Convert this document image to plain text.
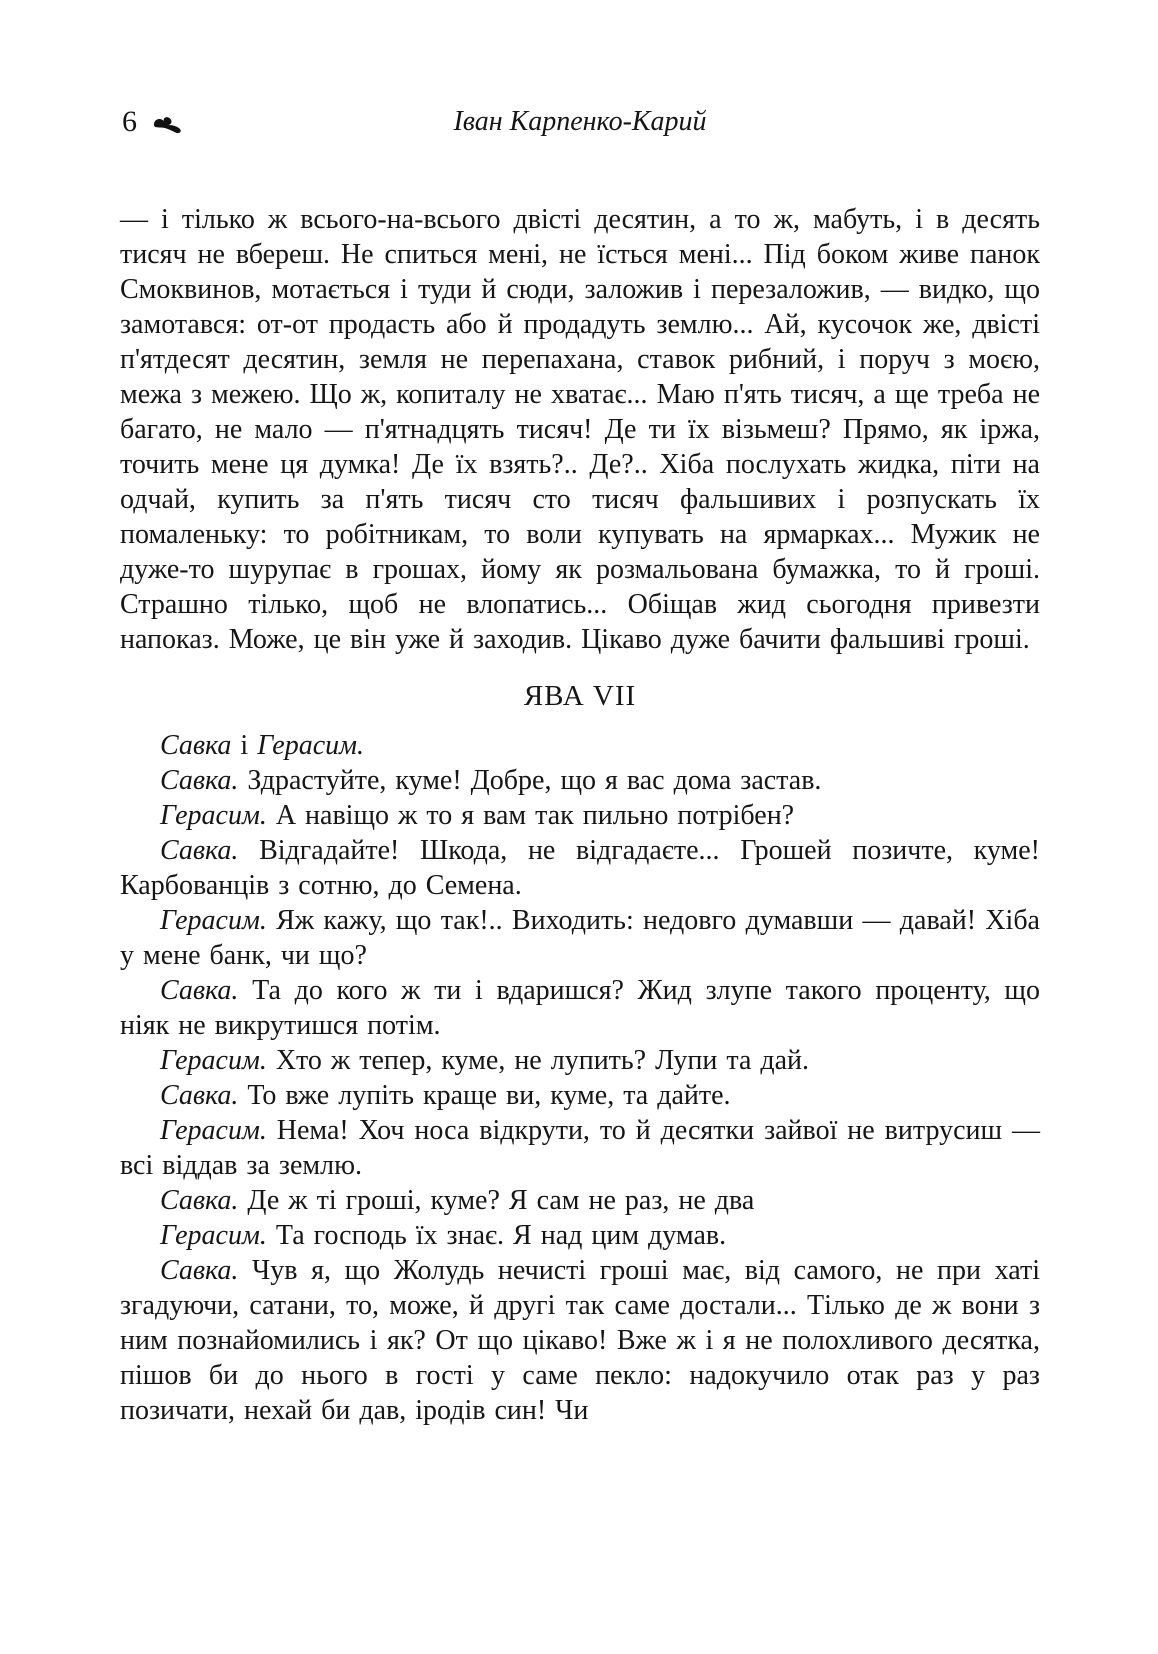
6	Іван Карпенко-Карий

— і тілько ж всього-на-всього двісті десятин, а то ж, мабуть, і в десять тисяч не вбереш. Не спиться мені, не їсться мені... Під боком живе панок Смоквинов, мотається і туди й сюди, заложив і перезаложив, — видко, що замотався: от-от продасть або й продадуть землю... Ай, кусочок же, двісті п'ятдесят десятин, земля не перепахана, ставок рибний, і поруч з моєю, межа з межею. Що ж, копиталу не хватає... Маю п'ять тисяч, а ще треба не багато, не мало — п'ятнадцять тисяч! Де ти їх візьмеш? Прямо, як іржа, точить мене ця думка! Де їх взять?.. Де?.. Хіба послухать жидка, піти на одчай, купить за п'ять тисяч сто тисяч фальшивих і розпускать їх помаленьку: то робітникам, то воли купувать на ярмарках... Мужик не дуже-то шурупає в грошах, йому як розмальована бумажка, то й гроші. Страшно тілько, щоб не влопатись... Обіщав жид сьогодня привезти напоказ. Може, це він уже й заходив. Цікаво дуже бачити фальшиві гроші.

ЯВА VII

Савка і Герасим.

Савка. Здрастуйте, куме! Добре, що я вас дома застав.

Герасим. А навіщо ж то я вам так пильно потрібен?

Савка. Відгадайте! Шкода, не відгадаєте... Грошей позичте, куме! Карбованців з сотню, до Семена.

Герасим. Яж кажу, що так!.. Виходить: недовго думавши — давай! Хіба у мене банк, чи що?

Савка. Та до кого ж ти і вдаришся? Жид злупе такого проценту, що ніяк не викрутишся потім.

Герасим. Хто ж тепер, куме, не лупить? Лупи та дай.

Савка. То вже лупіть краще ви, куме, та дайте.

Герасим. Нема! Хоч носа відкрути, то й десятки зайвої не витрусиш — всі віддав за землю.

Савка. Де ж ті гроші, куме? Я сам не раз, не два

Герасим. Та господь їх знає. Я над цим думав.

Савка. Чув я, що Жолудь нечисті гроші має, від самого, не при хаті згадуючи, сатани, то, може, й другі так саме достали... Тілько де ж вони з ним познайомились і як? От що цікаво! Вже ж і я не полохливого десятка, пішов би до нього в гості у саме пекло: надокучило отак раз у раз позичати, нехай би дав, іродів син! Чи
